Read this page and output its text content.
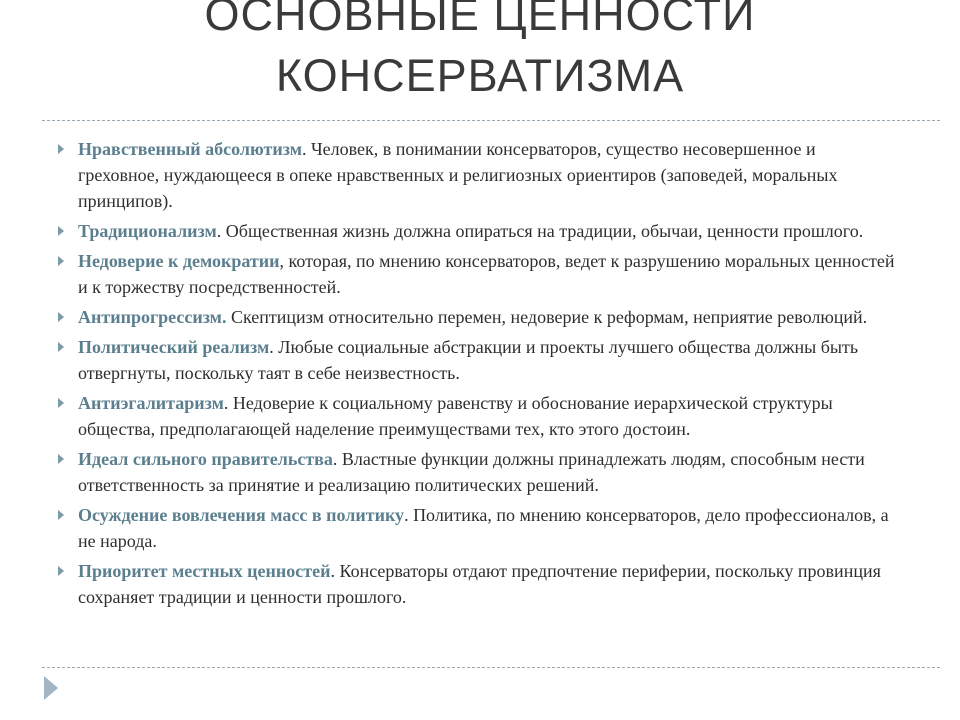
ОСНОВНЫЕ ЦЕННОСТИ
КОНСЕРВАТИЗМА
Нравственный абсолютизм. Человек, в понимании консерваторов, существо несовершенное и греховное, нуждающееся в опеке нравственных и религиозных ориентиров (заповедей, моральных принципов).
Традиционализм. Общественная жизнь должна опираться на традиции, обычаи, ценности прошлого.
Недоверие к демократии, которая, по мнению консерваторов, ведет к разрушению моральных ценностей и к торжеству посредственностей.
Антипрогрессизм. Скептицизм относительно перемен, недоверие к реформам, неприятие революций.
Политический реализм. Любые социальные абстракции и проекты лучшего общества должны быть отвергнуты, поскольку таят в себе неизвестность.
Антиэгалитаризм. Недоверие к социальному равенству и обоснование иерархической структуры общества, предполагающей наделение преимуществами тех, кто этого достоин.
Идеал сильного правительства. Властные функции должны принадлежать людям, способным нести ответственность за принятие и реализацию политических решений.
Осуждение вовлечения масс в политику. Политика, по мнению консерваторов, дело профессионалов, а не народа.
Приоритет местных ценностей. Консерваторы отдают предпочтение периферии, поскольку провинция сохраняет традиции и ценности прошлого.
